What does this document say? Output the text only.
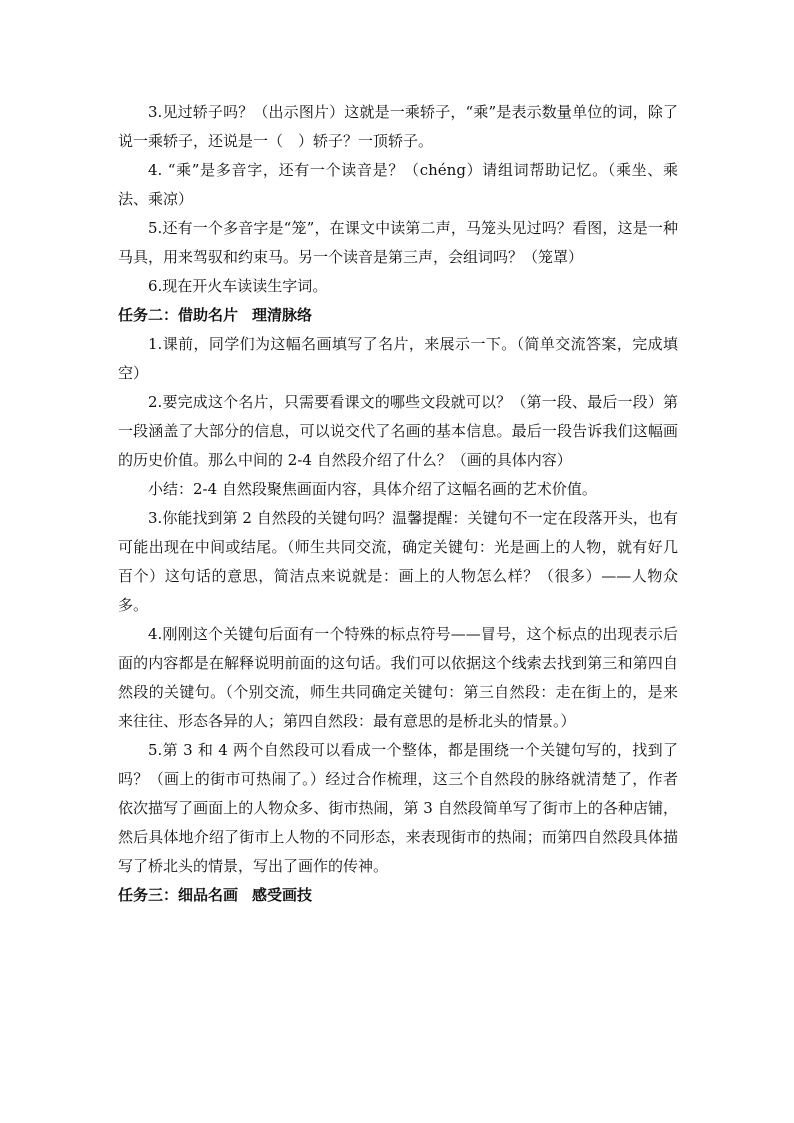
3.见过轿子吗？（出示图片）这就是一乘轿子，“乘”是表示数量单位的词，除了说一乘轿子，还说是一（　）轿子？一顶轿子。

4. “乘”是多音字，还有一个读音是？（chéng）请组词帮助记忆。（乘坐、乘法、乘凉）

5.还有一个多音字是“笼”，在课文中读第二声，马笼头见过吗？看图，这是一种马具，用来驾驭和约束马。另一个读音是第三声，会组词吗？（笼罩）

6.现在开火车读读生字词。

任务二：借助名片 理清脉络

1.课前，同学们为这幅名画填写了名片，来展示一下。（简单交流答案，完成填空）

2.要完成这个名片，只需要看课文的哪些文段就可以？（第一段、最后一段）第一段涵盖了大部分的信息，可以说交代了名画的基本信息。最后一段告诉我们这幅画的历史价值。那么中间的 2-4 自然段介绍了什么？（画的具体内容）

小结：2-4 自然段聚焦画面内容，具体介绍了这幅名画的艺术价值。

3.你能找到第 2 自然段的关键句吗？温馨提醒：关键句不一定在段落开头，也有可能出现在中间或结尾。（师生共同交流，确定关键句：光是画上的人物，就有好几百个）这句话的意思，简洁点来说就是：画上的人物怎么样？（很多）——人物众多。

4.刚刚这个关键句后面有一个特殊的标点符号——冒号，这个标点的出现表示后面的内容都是在解释说明前面的这句话。我们可以依据这个线索去找到第三和第四自然段的关键句。（个别交流，师生共同确定关键句：第三自然段：走在街上的，是来来往往、形态各异的人；第四自然段：最有意思的是桥北头的情景。）

5.第 3 和 4 两个自然段可以看成一个整体，都是围绕一个关键句写的，找到了吗？（画上的街市可热闹了。）经过合作梳理，这三个自然段的脉络就清楚了，作者依次描写了画面上的人物众多、街市热闹，第 3 自然段简单写了街市上的各种店铺，然后具体地介绍了街市上人物的不同形态，来表现街市的热闹；而第四自然段具体描写了桥北头的情景，写出了画作的传神。

任务三：细品名画 感受画技
